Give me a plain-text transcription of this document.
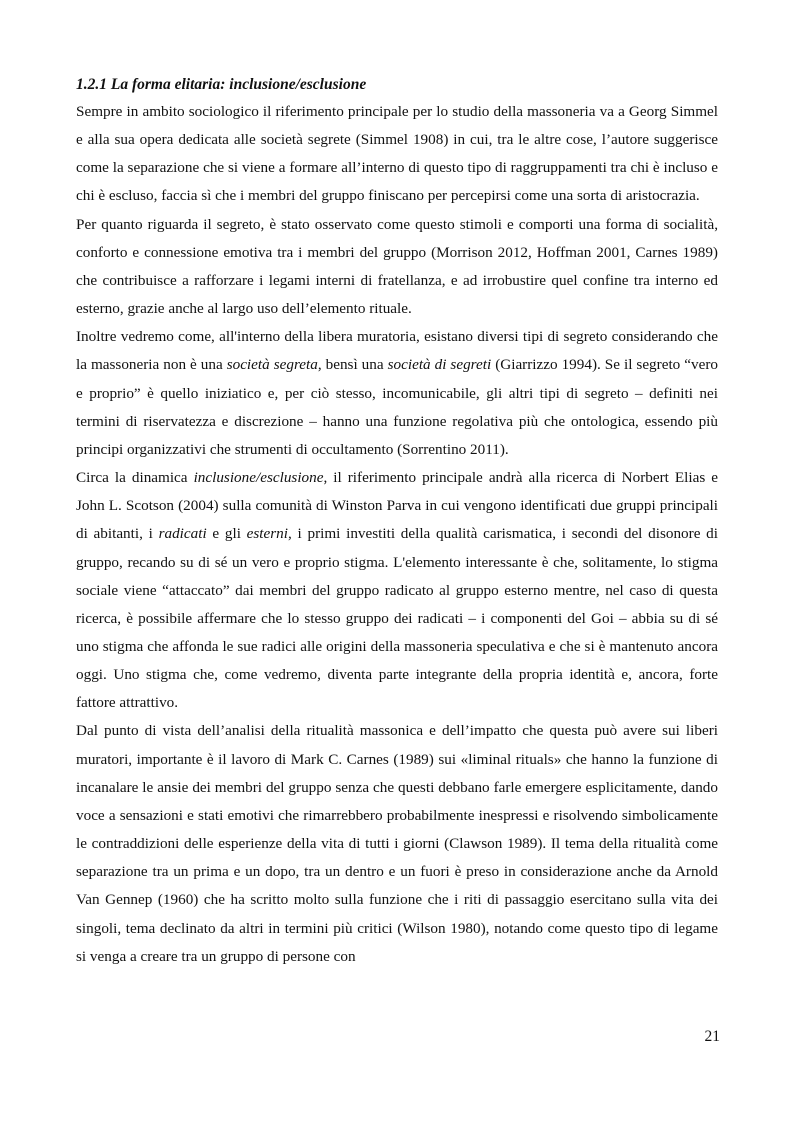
1.2.1 La forma elitaria: inclusione/esclusione

Sempre in ambito sociologico il riferimento principale per lo studio della massoneria va a Georg Simmel e alla sua opera dedicata alle società segrete (Simmel 1908) in cui, tra le altre cose, l’autore suggerisce come la separazione che si viene a formare all’interno di questo tipo di raggruppamenti tra chi è incluso e chi è escluso, faccia sì che i membri del gruppo finiscano per percepirsi come una sorta di aristocrazia.

Per quanto riguarda il segreto, è stato osservato come questo stimoli e comporti una forma di socialità, conforto e connessione emotiva tra i membri del gruppo (Morrison 2012, Hoffman 2001, Carnes 1989) che contribuisce a rafforzare i legami interni di fratellanza, e ad irrobustire quel confine tra interno ed esterno, grazie anche al largo uso dell’elemento rituale.

Inoltre vedremo come, all'interno della libera muratoria, esistano diversi tipi di segreto considerando che la massoneria non è una società segreta, bensì una società di segreti (Giarrizzo 1994). Se il segreto “vero e proprio” è quello iniziatico e, per ciò stesso, incomunicabile, gli altri tipi di segreto – definiti nei termini di riservatezza e discrezione – hanno una funzione regolativa più che ontologica, essendo più principi organizzativi che strumenti di occultamento (Sorrentino 2011).

Circa la dinamica inclusione/esclusione, il riferimento principale andrà alla ricerca di Norbert Elias e John L. Scotson (2004) sulla comunità di Winston Parva in cui vengono identificati due gruppi principali di abitanti, i radicati e gli esterni, i primi investiti della qualità carismatica, i secondi del disonore di gruppo, recando su di sé un vero e proprio stigma. L'elemento interessante è che, solitamente, lo stigma sociale viene “attaccato” dai membri del gruppo radicato al gruppo esterno mentre, nel caso di questa ricerca, è possibile affermare che lo stesso gruppo dei radicati – i componenti del Goi – abbia su di sé uno stigma che affonda le sue radici alle origini della massoneria speculativa e che si è mantenuto ancora oggi. Uno stigma che, come vedremo, diventa parte integrante della propria identità e, ancora, forte fattore attrattivo.

Dal punto di vista dell’analisi della ritualità massonica e dell’impatto che questa può avere sui liberi muratori, importante è il lavoro di Mark C. Carnes (1989) sui «liminal rituals» che hanno la funzione di incanalare le ansie dei membri del gruppo senza che questi debbano farle emergere esplicitamente, dando voce a sensazioni e stati emotivi che rimarrebbero probabilmente inespressi e risolvendo simbolicamente le contraddizioni delle esperienze della vita di tutti i giorni (Clawson 1989). Il tema della ritualità come separazione tra un prima e un dopo, tra un dentro e un fuori è preso in considerazione anche da Arnold Van Gennep (1960) che ha scritto molto sulla funzione che i riti di passaggio esercitano sulla vita dei singoli, tema declinato da altri in termini più critici (Wilson 1980), notando come questo tipo di legame si venga a creare tra un gruppo di persone con

21
